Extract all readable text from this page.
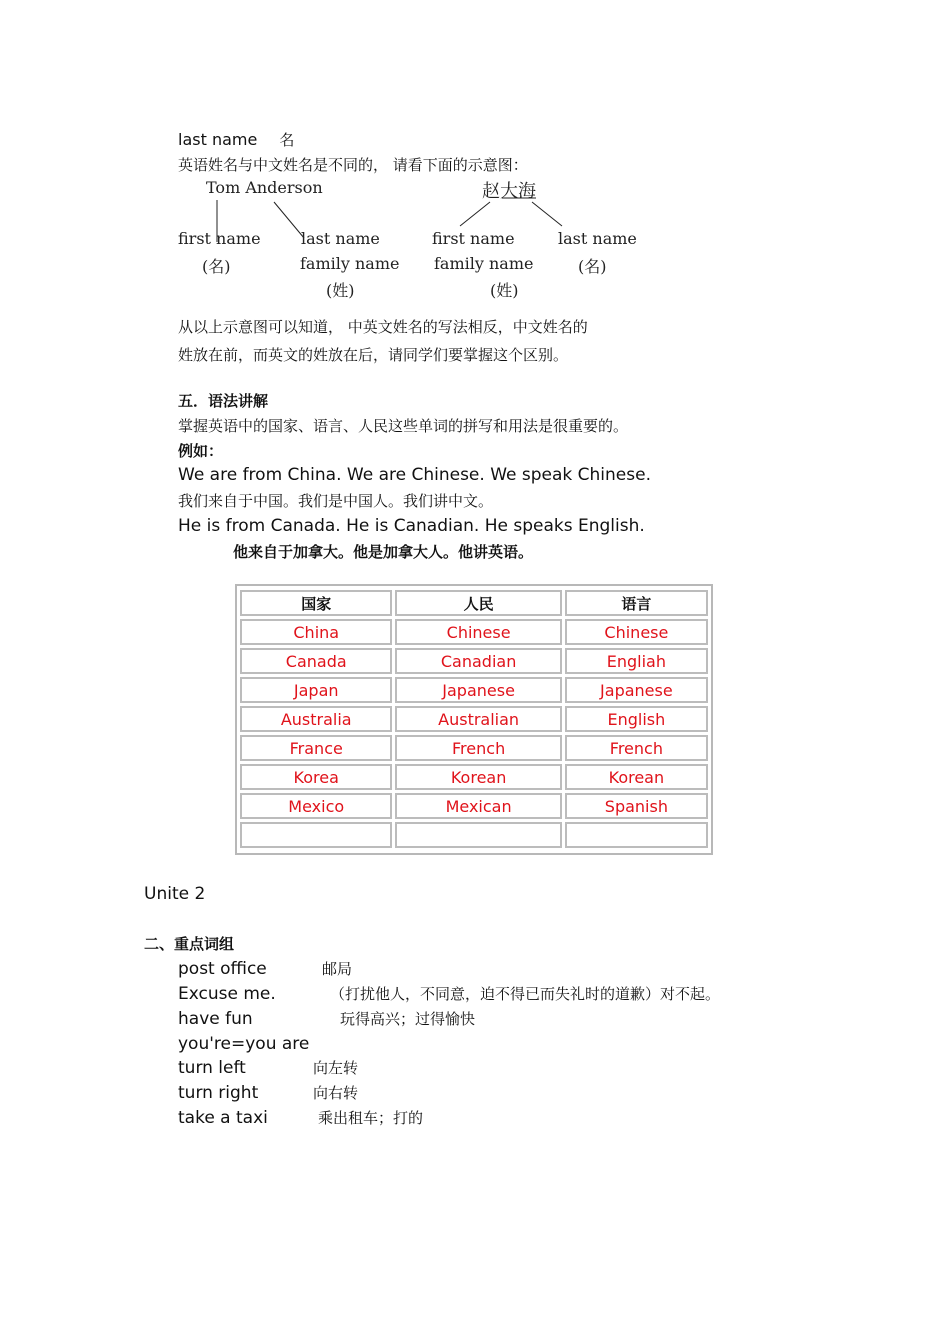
last name 名
英语姓名与中文姓名是不同的， 请看下面的示意图：
Tom Anderson
first name
(名)
last name
family name
(姓)
赵大海
first name
family name
(姓)
last name
(名)
从以上示意图可以知道， 中英文姓名的写法相反，中文姓名的
姓放在前，而英文的姓放在后，请同学们要掌握这个区别。
五．语法讲解
掌握英语中的国家、语言、人民这些单词的拼写和用法是很重要的。
例如：
We are from China. We are Chinese. We speak Chinese.
我们来自于中国。我们是中国人。我们讲中文。
He is from Canada. He is Canadian. He speaks English.
他来自于加拿大。他是加拿大人。他讲英语。
国家	人民	语言
China	Chinese	Chinese
Canada	Canadian	Engliah
Japan	Japanese	Japanese
Australia	Australian	English
France	French	French
Korea	Korean	Korean
Mexico	Mexican	Spanish

Unite 2
二、重点词组
post office	邮局
Excuse me.	（打扰他人，不同意，迫不得已而失礼时的道歉）对不起。
have fun	玩得高兴；过得愉快
you're=you are
turn left	向左转
turn right	向右转
take a taxi	乘出租车；打的
